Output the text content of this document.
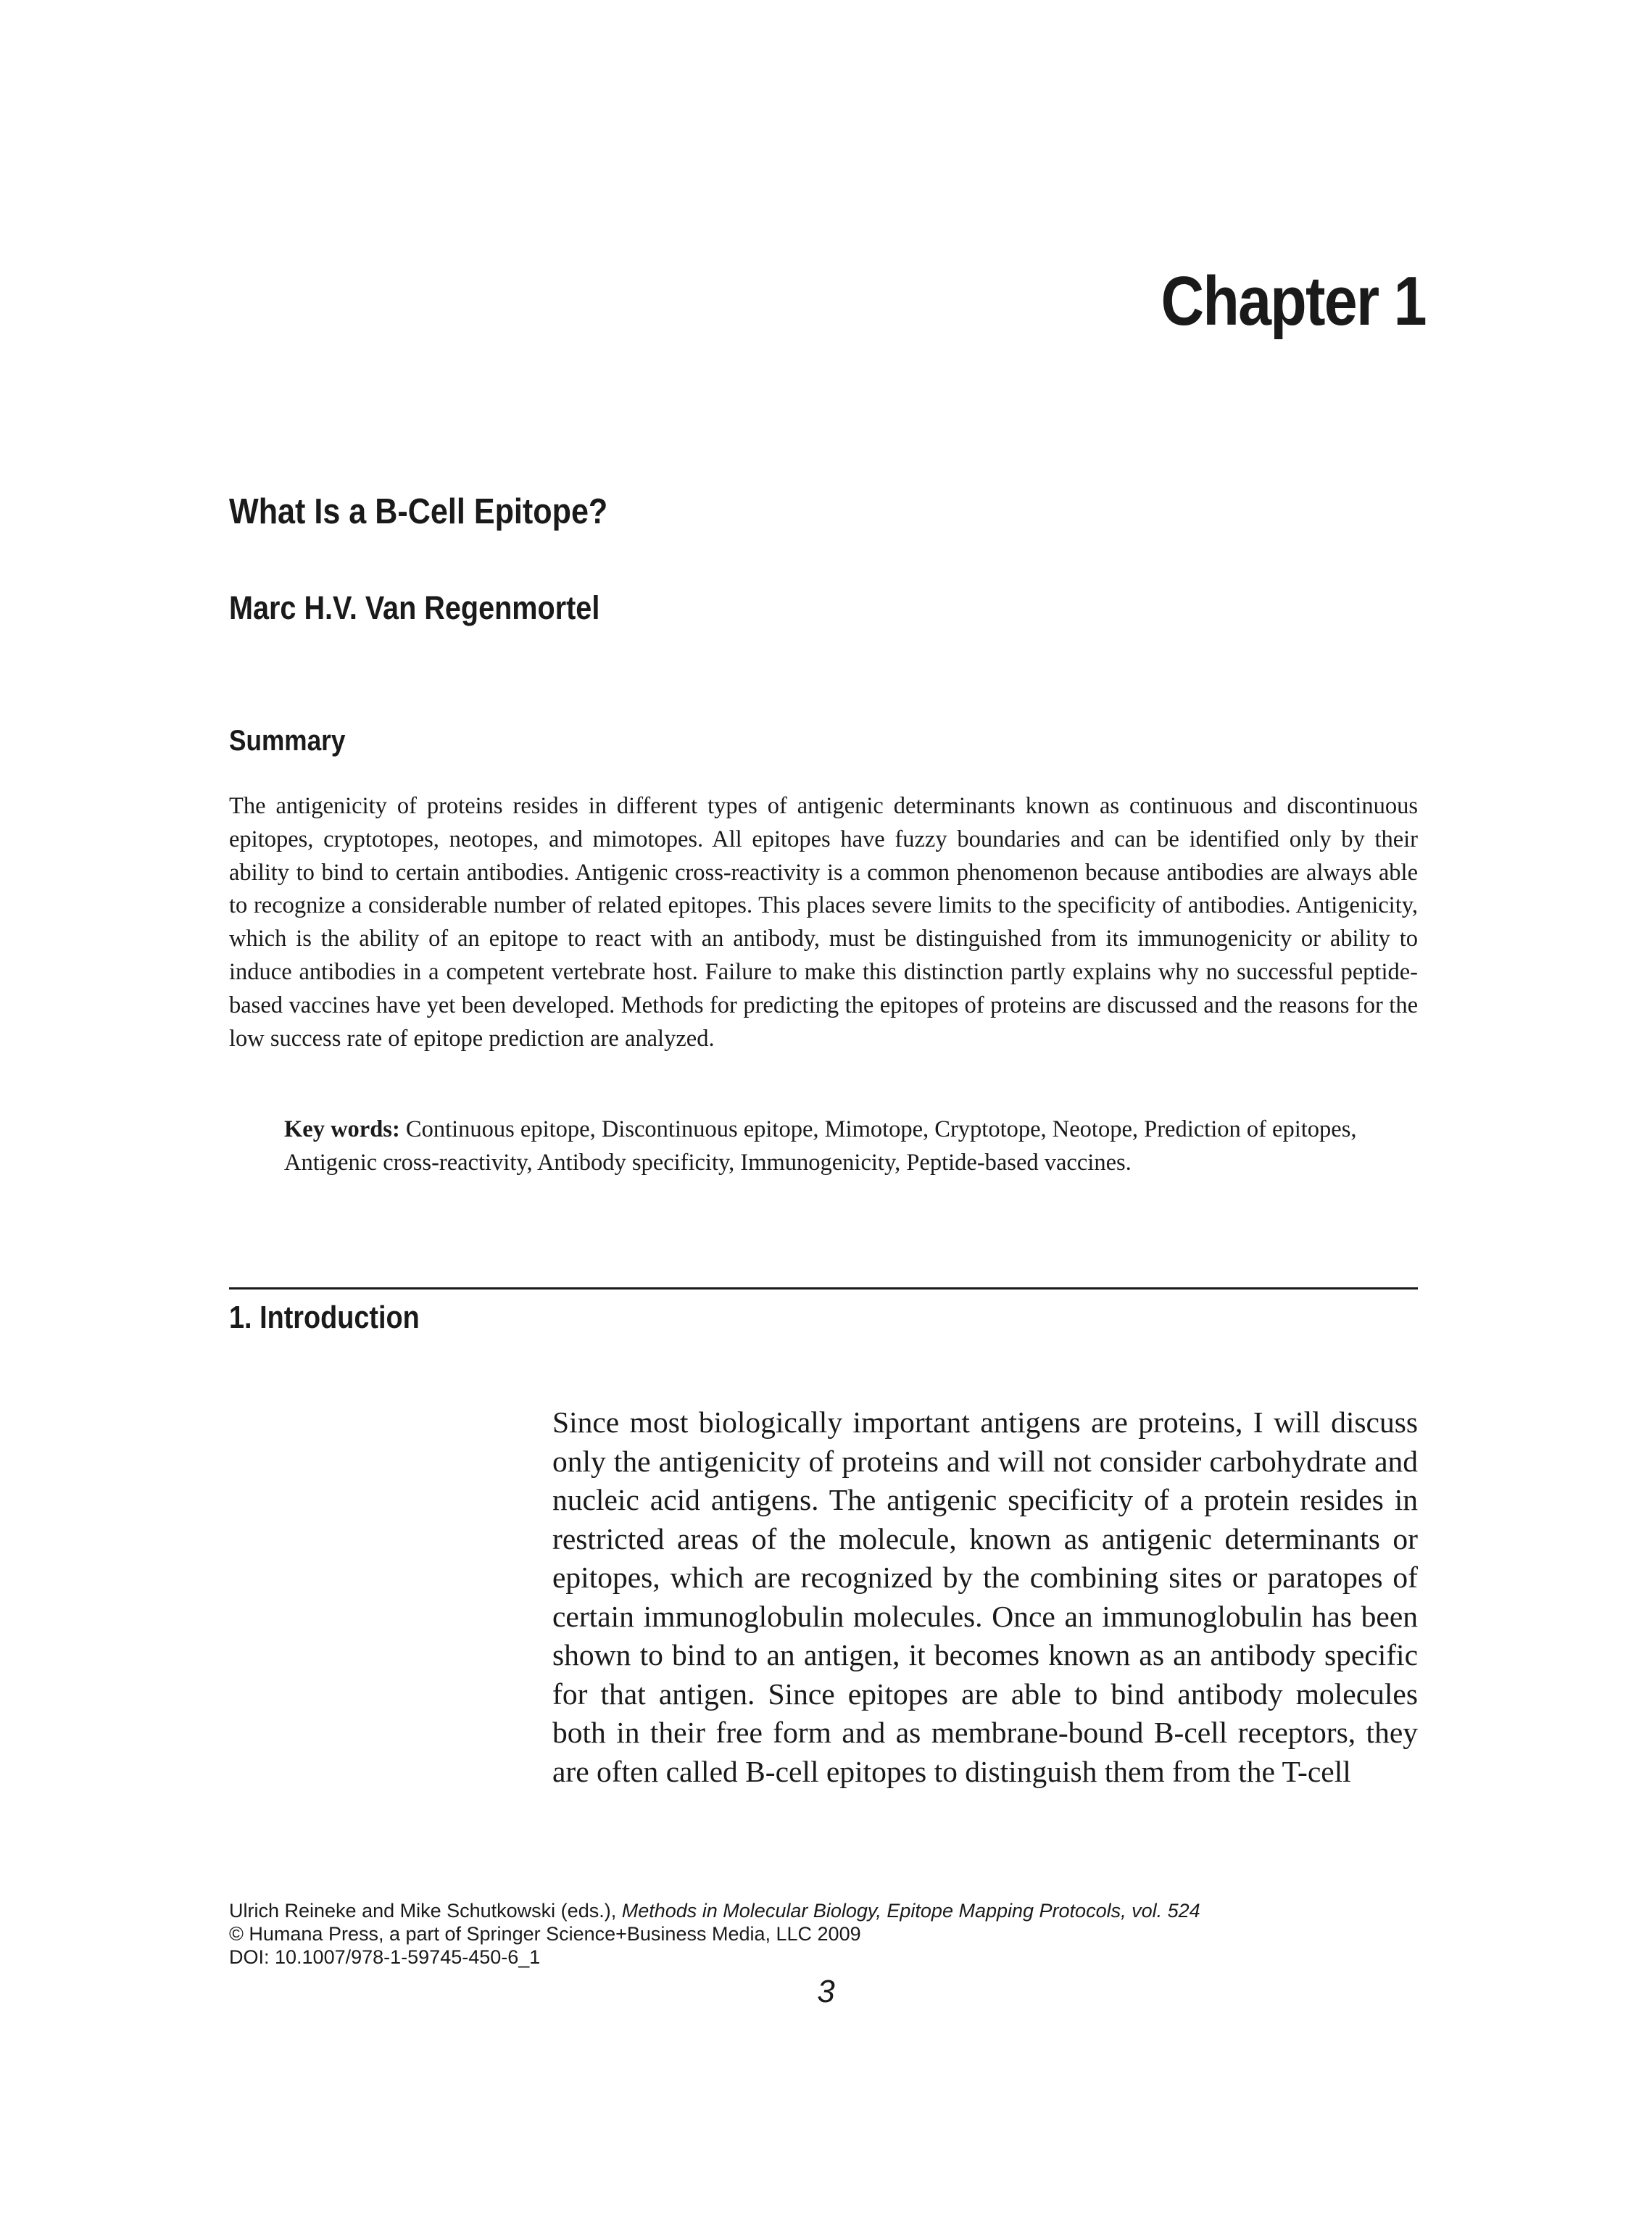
Chapter 1
What Is a B-Cell Epitope?
Marc H.V. Van Regenmortel
Summary

The antigenicity of proteins resides in different types of antigenic determinants known as continuous and discontinuous epitopes, cryptotopes, neotopes, and mimotopes. All epitopes have fuzzy boundaries and can be identified only by their ability to bind to certain antibodies. Antigenic cross-reactivity is a common phenomenon because antibodies are always able to recognize a considerable number of related epitopes. This places severe limits to the specificity of antibodies. Antigenicity, which is the ability of an epitope to react with an antibody, must be distinguished from its immunogenicity or ability to induce antibodies in a competent vertebrate host. Failure to make this distinction partly explains why no successful peptide-based vaccines have yet been developed. Methods for predicting the epitopes of proteins are discussed and the reasons for the low success rate of epitope prediction are analyzed.

Key words: Continuous epitope, Discontinuous epitope, Mimotope, Cryptotope, Neotope, Prediction of epitopes, Antigenic cross-reactivity, Antibody specificity, Immunogenicity, Peptide-based vaccines.

1. Introduction

Since most biologically important antigens are proteins, I will discuss only the antigenicity of proteins and will not consider carbohydrate and nucleic acid antigens. The antigenic specificity of a protein resides in restricted areas of the molecule, known as antigenic determinants or epitopes, which are recognized by the combining sites or paratopes of certain immunoglobulin molecules. Once an immunoglobulin has been shown to bind to an antigen, it becomes known as an antibody specific for that antigen. Since epitopes are able to bind antibody molecules both in their free form and as membrane-bound B-cell receptors, they are often called B-cell epitopes to distinguish them from the T-cell

Ulrich Reineke and Mike Schutkowski (eds.), Methods in Molecular Biology, Epitope Mapping Protocols, vol. 524
© Humana Press, a part of Springer Science+Business Media, LLC 2009
DOI: 10.1007/978-1-59745-450-6_1
3
